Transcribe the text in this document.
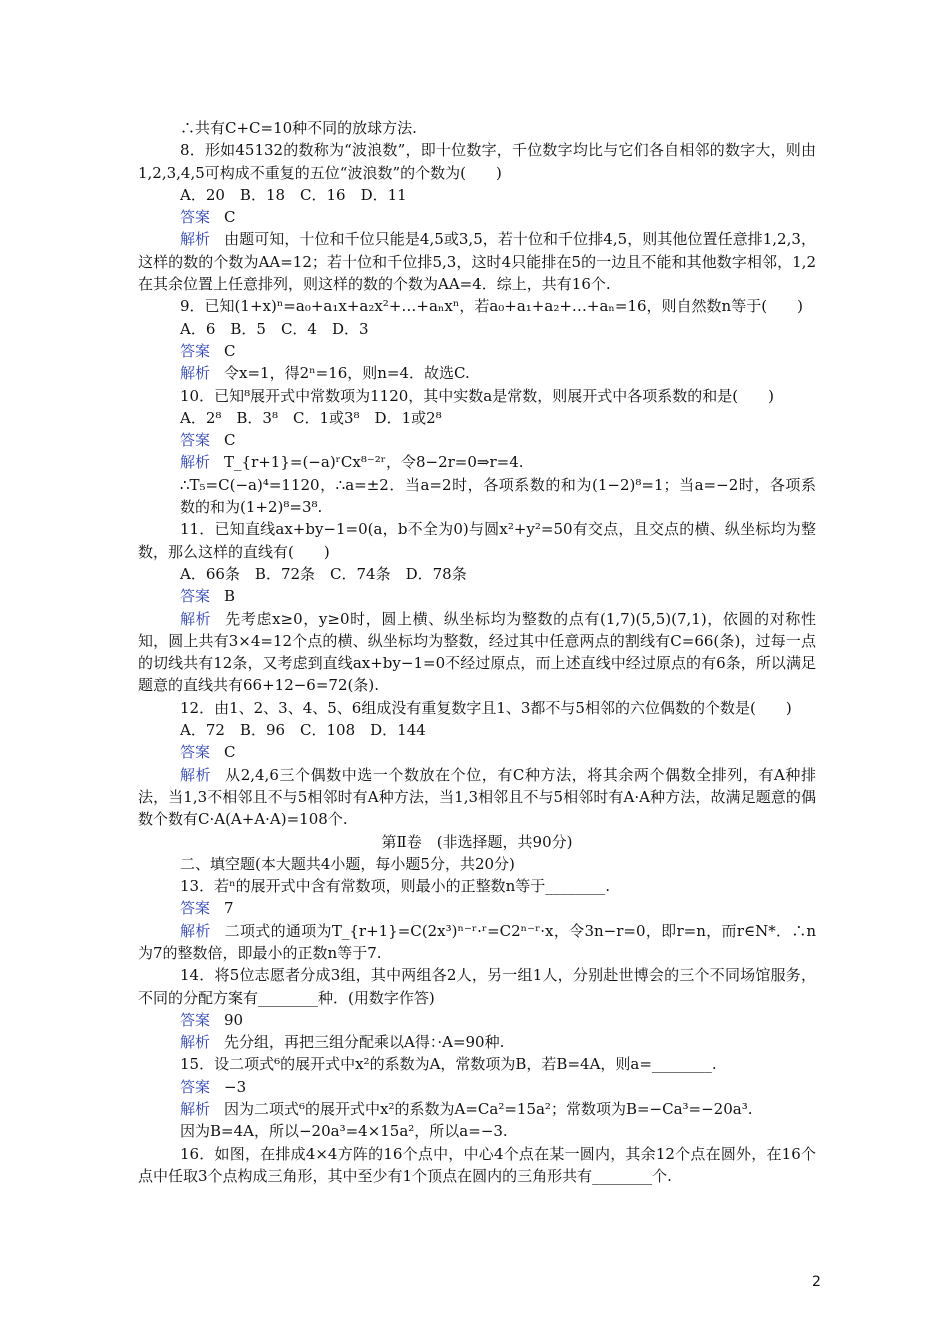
∴共有C+C=10种不同的放球方法.

8．形如45132的数称为“波浪数”，即十位数字，千位数字均比与它们各自相邻的数字大，则由1,2,3,4,5可构成不重复的五位“波浪数”的个数为(　　)

A．20　B．18　C．16　D．11

答案 C

解析 由题可知，十位和千位只能是4,5或3,5，若十位和千位排4,5，则其他位置任意排1,2,3，这样的数的个数为AA=12；若十位和千位排5,3，这时4只能排在5的一边且不能和其他数字相邻，1,2在其余位置上任意排列，则这样的数的个数为AA=4．综上，共有16个.

9．已知(1+x)ⁿ=a₀+a₁x+a₂x²+…+aₙxⁿ，若a₀+a₁+a₂+…+aₙ=16，则自然数n等于(　　)

A．6　B．5　C．4　D．3

答案 C

解析 令x=1，得2ⁿ=16，则n=4．故选C.

10．已知⁸展开式中常数项为1120，其中实数a是常数，则展开式中各项系数的和是(　　)

A．2⁸　B．3⁸　C．1或3⁸　D．1或2⁸

答案 C

解析 T_{r+1}=(−a)ʳCx⁸⁻²ʳ，令8−2r=0⇒r=4.

∴T₅=C(−a)⁴=1120，∴a=±2．当a=2时，各项系数的和为(1−2)⁸=1；当a=−2时，各项系数的和为(1+2)⁸=3⁸.

11．已知直线ax+by−1=0(a，b不全为0)与圆x²+y²=50有交点，且交点的横、纵坐标均为整数，那么这样的直线有(　　)

A．66条　B．72条　C．74条　D．78条

答案 B

解析 先考虑x≥0，y≥0时，圆上横、纵坐标均为整数的点有(1,7)(5,5)(7,1)，依圆的对称性知，圆上共有3×4=12个点的横、纵坐标均为整数，经过其中任意两点的割线有C=66(条)，过每一点的切线共有12条，又考虑到直线ax+by−1=0不经过原点，而上述直线中经过原点的有6条，所以满足题意的直线共有66+12−6=72(条).

12．由1、2、3、4、5、6组成没有重复数字且1、3都不与5相邻的六位偶数的个数是(　　)

A．72　B．96　C．108　D．144

答案 C

解析 从2,4,6三个偶数中选一个数放在个位，有C种方法，将其余两个偶数全排列，有A种排法，当1,3不相邻且不与5相邻时有A种方法，当1,3相邻且不与5相邻时有A·A种方法，故满足题意的偶数个数有C·A(A+A·A)=108个.

第Ⅱ卷　(非选择题，共90分)

二、填空题(本大题共4小题，每小题5分，共20分)

13．若ⁿ的展开式中含有常数项，则最小的正整数n等于________.

答案 7

解析 二项式的通项为T_{r+1}=C(2x³)ⁿ⁻ʳ·ʳ=C2ⁿ⁻ʳ·x，令3n−r=0，即r=n，而r∈N*．∴n为7的整数倍，即最小的正数n等于7.

14．将5位志愿者分成3组，其中两组各2人，另一组1人，分别赴世博会的三个不同场馆服务，不同的分配方案有________种．(用数字作答)

答案 90

解析 先分组，再把三组分配乘以A得：·A=90种.

15．设二项式⁶的展开式中x²的系数为A，常数项为B，若B=4A，则a=________.

答案 −3

解析 因为二项式⁶的展开式中x²的系数为A=Ca²=15a²；常数项为B=−Ca³=−20a³.

因为B=4A，所以−20a³=4×15a²，所以a=−3.

16．如图，在排成4×4方阵的16个点中，中心4个点在某一圆内，其余12个点在圆外，在16个点中任取3个点构成三角形，其中至少有1个顶点在圆内的三角形共有________个.

2
